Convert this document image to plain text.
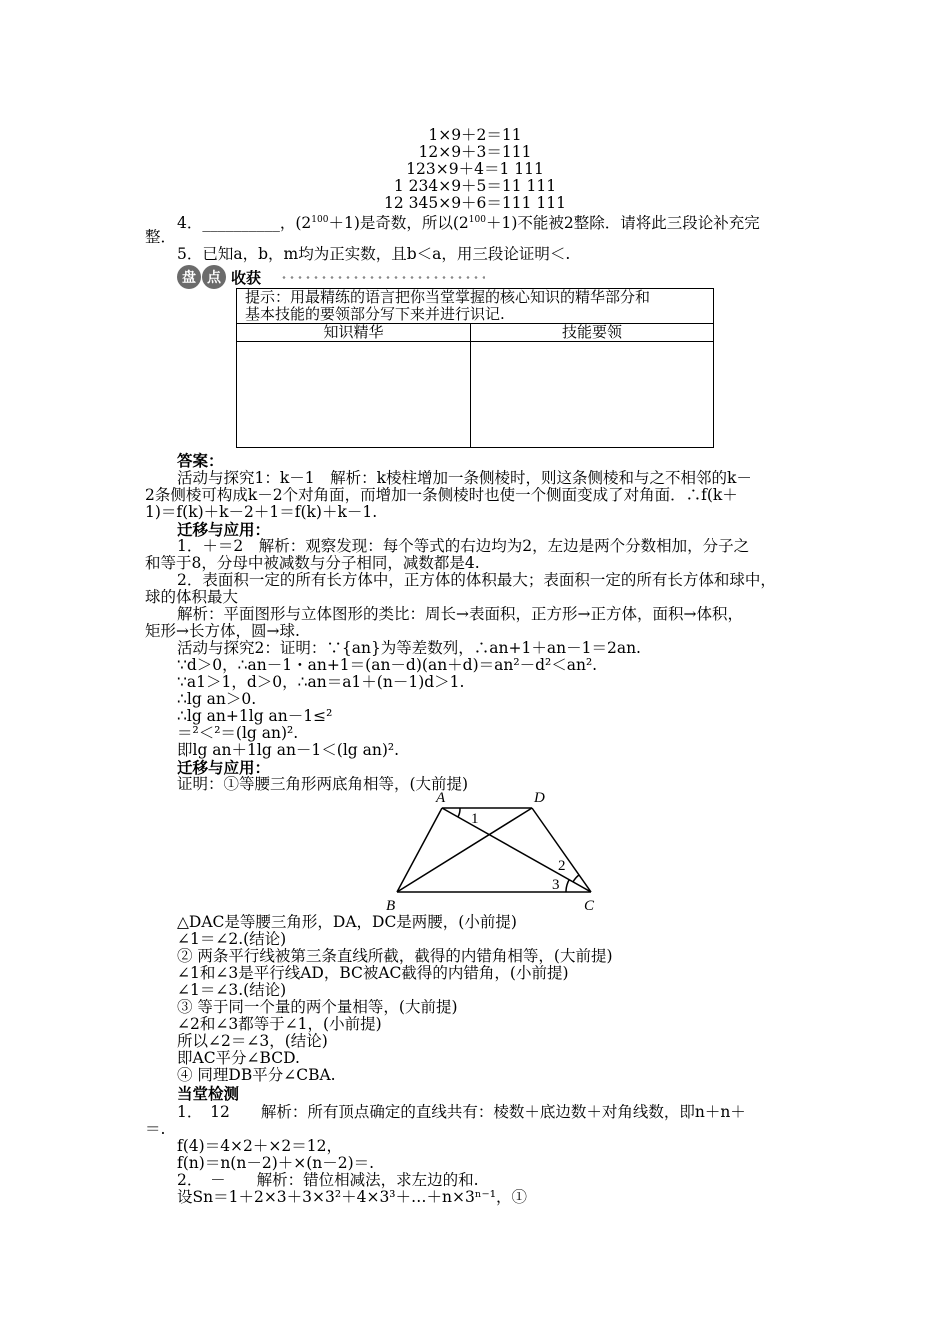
1×9＋2＝11
12×9＋3＝111
123×9＋4＝1 111
1 234×9＋5＝11 111
12 345×9＋6＝111 111
4．__________，$(2^{100}+1)$是奇数，所以$(2^{100}+1)$不能被2整除．请将此三段论补充完
整．
5．已知a，b，m均为正实数，且b＜a，用三段论证明＜.
盘 点 收获
提示：用最精练的语言把你当堂掌握的核心知识的精华部分和
基本技能的要领部分写下来并进行识记.	

知识精华	技能要领

答案：
活动与探究1：k－1　解析：k棱柱增加一条侧棱时，则这条侧棱和与之不相邻的k－
2条侧棱可构成k－2个对角面，而增加一条侧棱时也使一个侧面变成了对角面．∴f(k＋
1)＝f(k)＋k－2＋1＝f(k)＋k－1.
迁移与应用：
1．＋＝2　解析：观察发现：每个等式的右边均为2，左边是两个分数相加，分子之
和等于8，分母中被减数与分子相同，减数都是4.
2．表面积一定的所有长方体中，正方体的体积最大；表面积一定的所有长方体和球中，
球的体积最大
解析：平面图形与立体图形的类比：周长→表面积，正方形→正方体，面积→体积，
矩形→长方体，圆→球.
活动与探究2：证明：∵{an}为等差数列，∴an+1＋an－1＝2an.
∵d＞0，∴an－1・an+1＝(an－d)(an＋d)＝an²－d²＜an².
∵a1＞1，d＞0，∴an＝a1＋(n－1)d＞1.
∴lg an＞0.
∴lg an+1lg an－1≤²
＝²＜²＝(lg an)².
即lg an＋1lg an－1＜(lg an)².
迁移与应用：
证明：①等腰三角形两底角相等，(大前提)
A	D
B	C
1
2
3
△DAC是等腰三角形，DA，DC是两腰，(小前提)
∠1＝∠2.(结论)
② 两条平行线被第三条直线所截，截得的内错角相等，(大前提)
∠1和∠3是平行线AD，BC被AC截得的内错角，(小前提)
∠1＝∠3.(结论)
③ 等于同一个量的两个量相等，(大前提)
∠2和∠3都等于∠1，(小前提)
所以∠2＝∠3，(结论)
即AC平分∠BCD.
④ 同理DB平分∠CBA.
当堂检测
1．　12　　解析：所有顶点确定的直线共有：棱数＋底边数＋对角线数，即n＋n＋
＝.
f(4)＝4×2＋×2＝12，
f(n)＝n(n－2)＋×(n－2)＝.
2．　－　　解析：错位相减法，求左边的和.
设Sn＝1＋2×3＋3×3²＋4×3³＋…＋n×3ⁿ⁻¹，①
